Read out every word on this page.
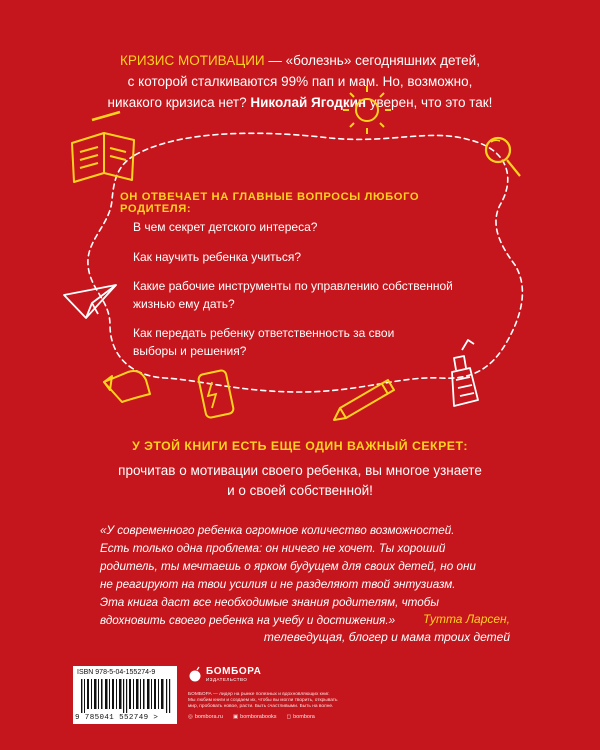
КРИЗИС МОТИВАЦИИ — «болезнь» сегодняшних детей,
с которой сталкиваются 99% пап и мам. Но, возможно,
никакого кризиса нет? Николай Ягодкин уверен, что это так!
ОН ОТВЕЧАЕТ НА ГЛАВНЫЕ ВОПРОСЫ ЛЮБОГО РОДИТЕЛЯ:
В чем секрет детского интереса?
Как научить ребенка учиться?
Какие рабочие инструменты по управлению собственной
жизнью ему дать?
Как передать ребенку ответственность за свои
выборы и решения?
У ЭТОЙ КНИГИ ЕСТЬ ЕЩЕ ОДИН ВАЖНЫЙ СЕКРЕТ:
прочитав о мотивации своего ребенка, вы многое узнаете
и о своей собственной!
«У современного ребенка огромное количество возможностей.
Есть только одна проблема: он ничего не хочет. Ты хороший
родитель, ты мечтаешь о ярком будущем для своих детей, но они
не реагируют на твои усилия и не разделяют твой энтузиазм.
Эта книга даст все необходимые знания родителям, чтобы
вдохновить своего ребенка на учебу и достижения.»	Тутта Ларсен,
телеведущая, блогер и мама троих детей
ISBN 978-5-04-155274-9
9 785041 552749 >
БОМБОРА
ИЗДАТЕЛЬСТВО
БОМБОРА — лидер на рынке полезных и вдохновляющих книг.
Мы любим книги и создаем их, чтобы вы могли творить, открывать
мир, пробовать новое, расти. Быть счастливыми. Быть на волне.
◎ bombora.ru ▣ bomborabooks ◻ bombora
